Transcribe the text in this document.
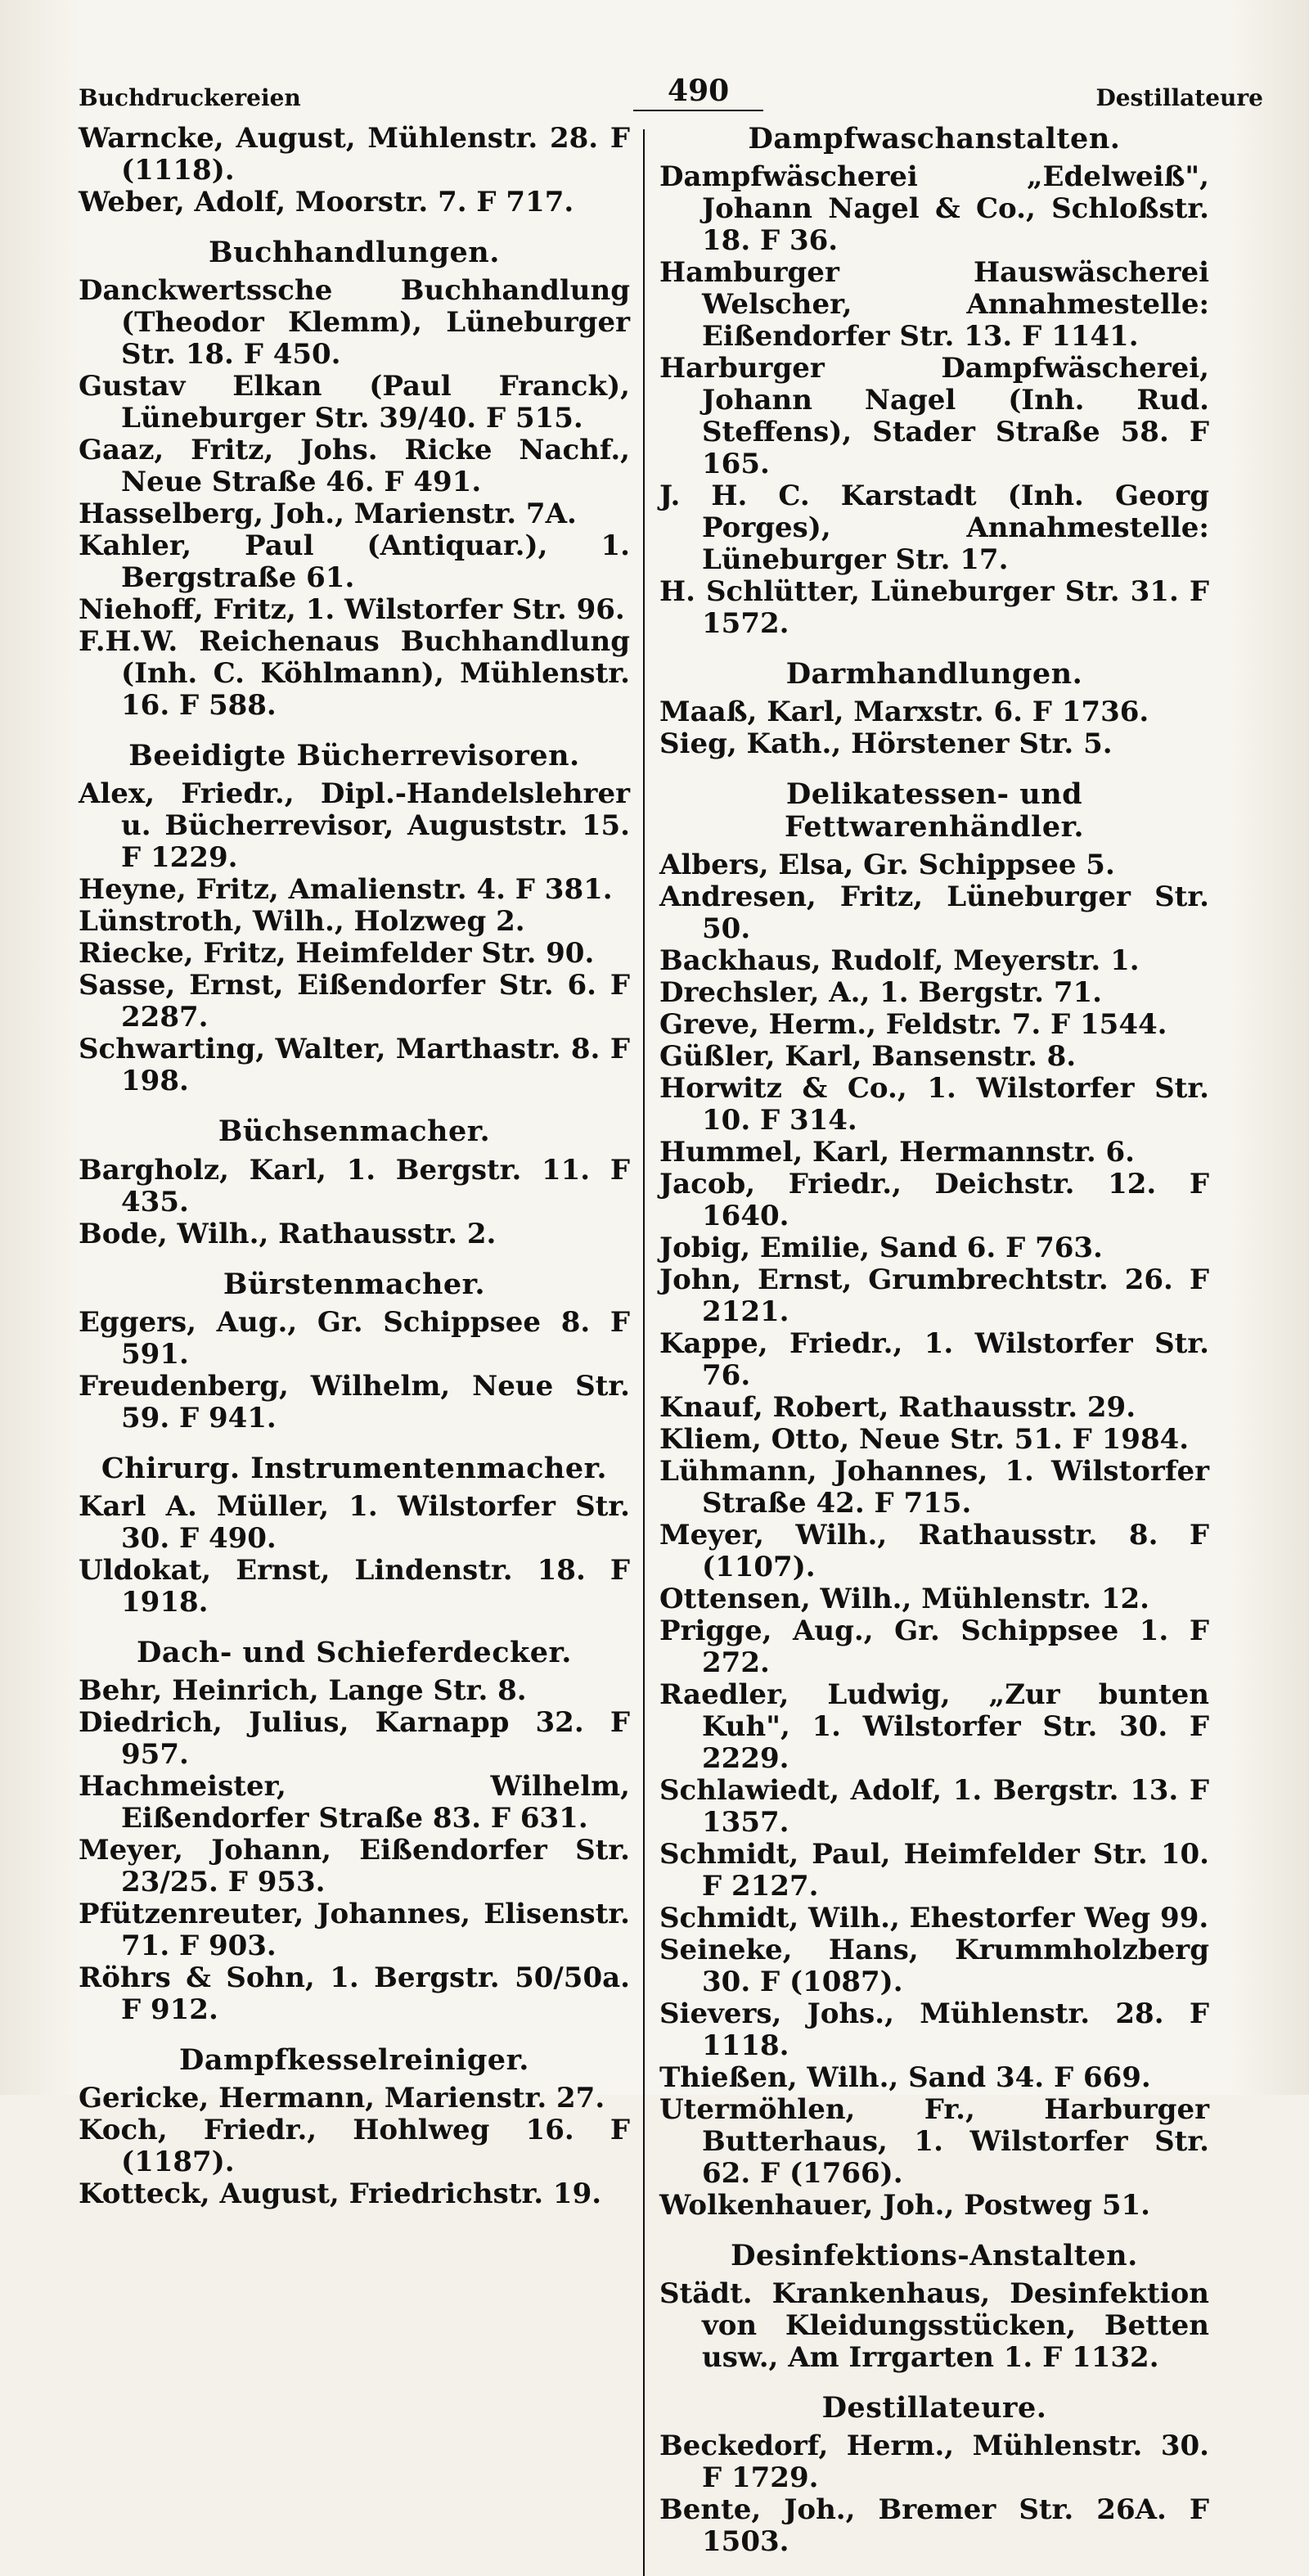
Buchdruckereien	490	Destillateure
Warncke, August, Mühlenstr. 28. F (1118).
Weber, Adolf, Moorstr. 7. F 717.
Buchhandlungen.
Danckwertssche Buchhandlung (Theodor Klemm), Lüneburger Str. 18. F 450.
Gustav Elkan (Paul Franck), Lüneburger Str. 39/40. F 515.
Gaaz, Fritz, Johs. Ricke Nachf., Neue Straße 46. F 491.
Hasselberg, Joh., Marienstr. 7A.
Kahler, Paul (Antiquar.), 1. Bergstraße 61.
Niehoff, Fritz, 1. Wilstorfer Str. 96.
F.H.W. Reichenaus Buchhandlung (Inh. C. Köhlmann), Mühlenstr. 16. F 588.
Beeidigte Bücherrevisoren.
Alex, Friedr., Dipl.-Handelslehrer u. Bücherrevisor, Auguststr. 15. F 1229.
Heyne, Fritz, Amalienstr. 4. F 381.
Lünstroth, Wilh., Holzweg 2.
Riecke, Fritz, Heimfelder Str. 90.
Sasse, Ernst, Eißendorfer Str. 6. F 2287.
Schwarting, Walter, Marthastr. 8. F 198.
Büchsenmacher.
Bargholz, Karl, 1. Bergstr. 11. F 435.
Bode, Wilh., Rathausstr. 2.
Bürstenmacher.
Eggers, Aug., Gr. Schippsee 8. F 591.
Freudenberg, Wilhelm, Neue Str. 59. F 941.
Chirurg. Instrumentenmacher.
Karl A. Müller, 1. Wilstorfer Str. 30. F 490.
Uldokat, Ernst, Lindenstr. 18. F 1918.
Dach- und Schieferdecker.
Behr, Heinrich, Lange Str. 8.
Diedrich, Julius, Karnapp 32. F 957.
Hachmeister, Wilhelm, Eißendorfer Straße 83. F 631.
Meyer, Johann, Eißendorfer Str. 23/25. F 953.
Pfützenreuter, Johannes, Elisenstr. 71. F 903.
Röhrs & Sohn, 1. Bergstr. 50/50a. F 912.
Dampfkesselreiniger.
Gericke, Hermann, Marienstr. 27.
Koch, Friedr., Hohlweg 16. F (1187).
Kotteck, August, Friedrichstr. 19.
Dampfwaschanstalten.
Dampfwäscherei „Edelweiß", Johann Nagel & Co., Schloßstr. 18. F 36.
Hamburger Hauswäscherei Welscher, Annahmestelle: Eißendorfer Str. 13. F 1141.
Harburger Dampfwäscherei, Johann Nagel (Inh. Rud. Steffens), Stader Straße 58. F 165.
J. H. C. Karstadt (Inh. Georg Porges), Annahmestelle: Lüneburger Str. 17.
H. Schlütter, Lüneburger Str. 31. F 1572.
Darmhandlungen.
Maaß, Karl, Marxstr. 6. F 1736.
Sieg, Kath., Hörstener Str. 5.
Delikatessen- und Fettwarenhändler.
Albers, Elsa, Gr. Schippsee 5.
Andresen, Fritz, Lüneburger Str. 50.
Backhaus, Rudolf, Meyerstr. 1.
Drechsler, A., 1. Bergstr. 71.
Greve, Herm., Feldstr. 7. F 1544.
Güßler, Karl, Bansenstr. 8.
Horwitz & Co., 1. Wilstorfer Str. 10. F 314.
Hummel, Karl, Hermannstr. 6.
Jacob, Friedr., Deichstr. 12. F 1640.
Jobig, Emilie, Sand 6. F 763.
John, Ernst, Grumbrechtstr. 26. F 2121.
Kappe, Friedr., 1. Wilstorfer Str. 76.
Knauf, Robert, Rathausstr. 29.
Kliem, Otto, Neue Str. 51. F 1984.
Lühmann, Johannes, 1. Wilstorfer Straße 42. F 715.
Meyer, Wilh., Rathausstr. 8. F (1107).
Ottensen, Wilh., Mühlenstr. 12.
Prigge, Aug., Gr. Schippsee 1. F 272.
Raedler, Ludwig, „Zur bunten Kuh", 1. Wilstorfer Str. 30. F 2229.
Schlawiedt, Adolf, 1. Bergstr. 13. F 1357.
Schmidt, Paul, Heimfelder Str. 10. F 2127.
Schmidt, Wilh., Ehestorfer Weg 99.
Seineke, Hans, Krummholzberg 30. F (1087).
Sievers, Johs., Mühlenstr. 28. F 1118.
Thießen, Wilh., Sand 34. F 669.
Utermöhlen, Fr., Harburger Butterhaus, 1. Wilstorfer Str. 62. F (1766).
Wolkenhauer, Joh., Postweg 51.
Desinfektions-Anstalten.
Städt. Krankenhaus, Desinfektion von Kleidungsstücken, Betten usw., Am Irrgarten 1. F 1132.
Destillateure.
Beckedorf, Herm., Mühlenstr. 30. F 1729.
Bente, Joh., Bremer Str. 26A. F 1503.
